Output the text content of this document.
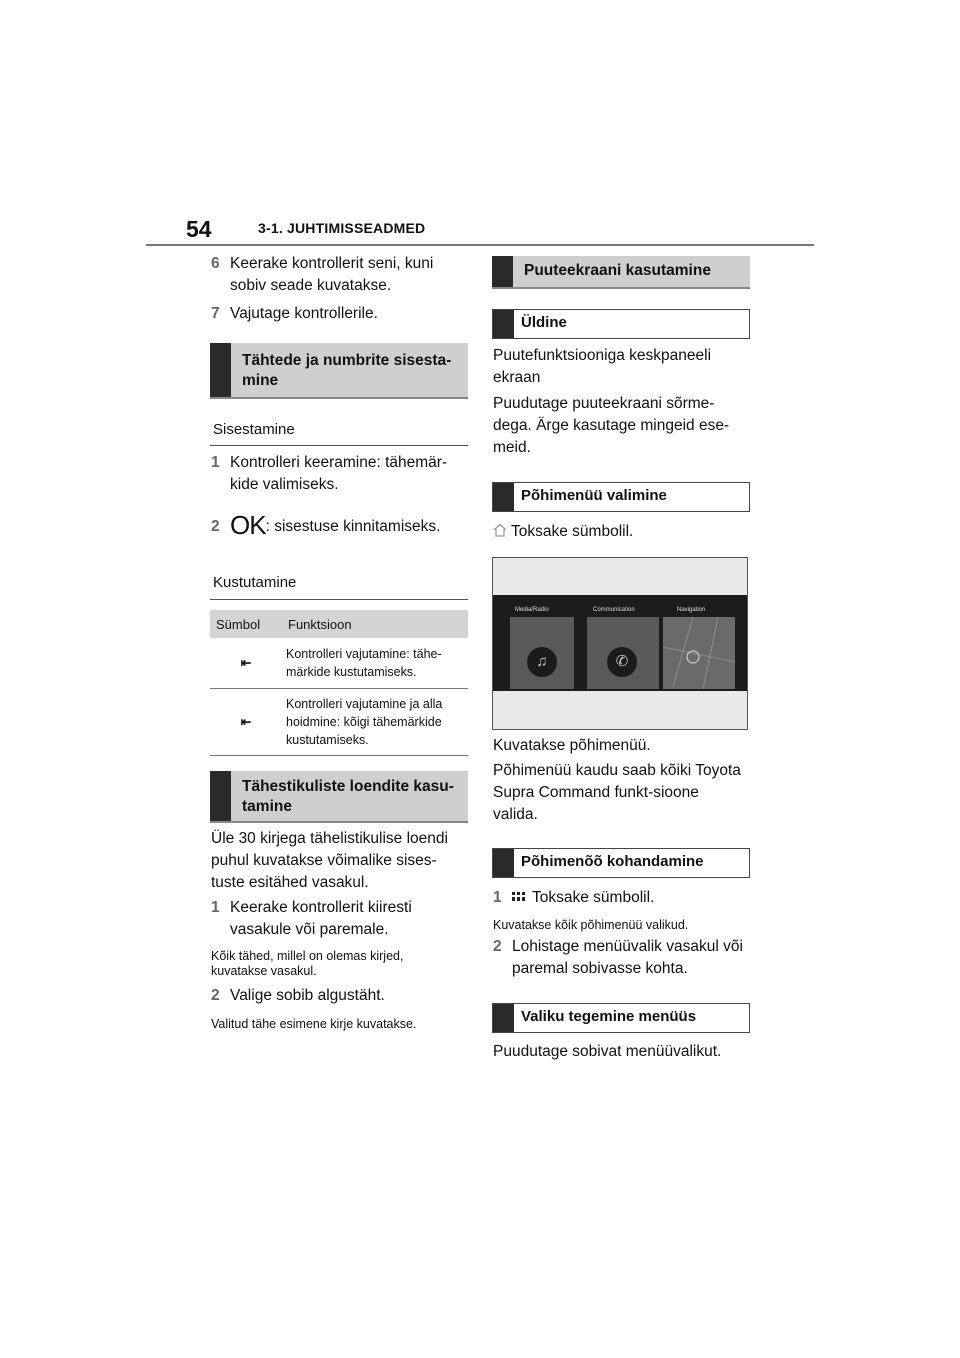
54	3-1. JUHTIMISSEADMED
6 Keerake kontrollerit seni, kuni sobiv seade kuvatakse.
7 Vajutage kontrollerile.
Tähtede ja numbrite sisesta-mine
Sisestamine
1 Kontrolleri keeramine: tähemär-kide valimiseks.
2 OK: sisestuse kinnitamiseks.
Kustutamine
Sümbol	Funktsioon
⇤	Kontrolleri vajutamine: tähe-märkide kustutamiseks.
⇤	Kontrolleri vajutamine ja alla hoidmine: kõigi tähemärkide kustutamiseks.
Tähestikuliste loendite kasu-tamine
Üle 30 kirjega tähelistikulise loendi puhul kuvatakse võimalike sises-tuste esitähed vasakul.
1 Keerake kontrollerit kiiresti vasakule või paremale.
Kõik tähed, millel on olemas kirjed, kuvatakse vasakul.
2 Valige sobib algustäht.
Valitud tähe esimene kirje kuvatakse.
Puuteekraani kasutamine
Üldine
Puutefunktsiooniga keskpaneeli ekraan
Puudutage puuteekraani sõrme-dega. Ärge kasutage mingeid ese-meid.
Põhimenüü valimine
Toksake sümbolil.
Media/Radio	Communication	Navigation
♫	✆
Kuvatakse põhimenüü.
Põhimenüü kaudu saab kõiki Toyota Supra Command funkt-sioone valida.
Põhimenõõ kohandamine
1 Toksake sümbolil.
Kuvatakse kõik põhimenüü valikud.
2 Lohistage menüüvalik vasakul või paremal sobivasse kohta.
Valiku tegemine menüüs
Puudutage sobivat menüüvalikut.
